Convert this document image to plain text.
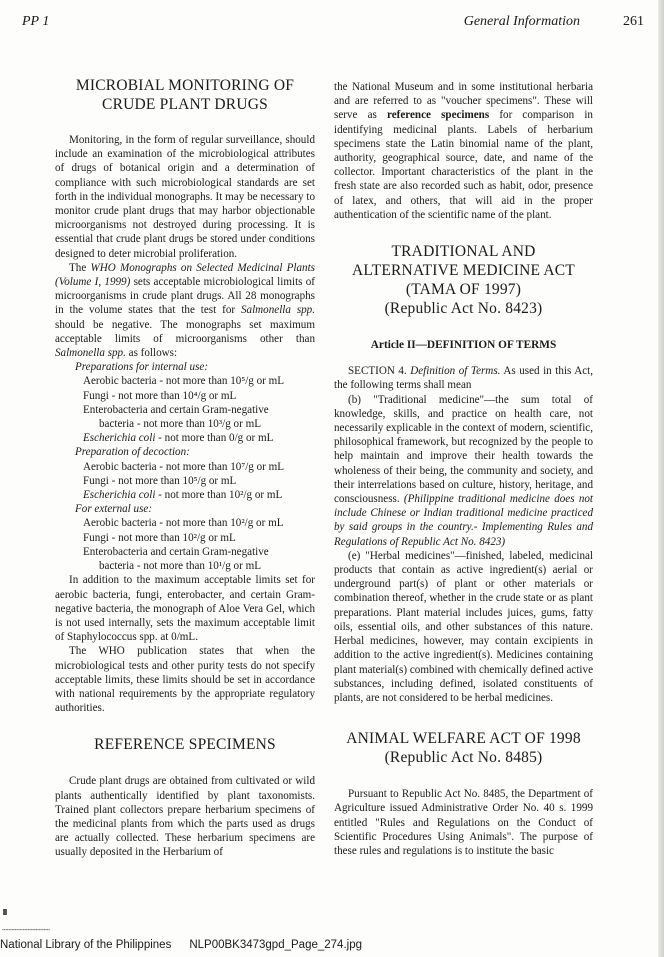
PP 1	General Information	261
MICROBIAL MONITORING OF
CRUDE PLANT DRUGS

Monitoring, in the form of regular surveillance, should include an examination of the microbiological attributes of drugs of botanical origin and a determination of compliance with such microbiological standards are set forth in the individual monographs. It may be necessary to monitor crude plant drugs that may harbor objectionable microorganisms not destroyed during processing. It is essential that crude plant drugs be stored under conditions designed to deter microbial proliferation.

The WHO Monographs on Selected Medicinal Plants (Volume I, 1999) sets acceptable microbiological limits of microorganisms in crude plant drugs. All 28 monographs in the volume states that the test for Salmonella spp. should be negative. The monographs set maximum acceptable limits of microorganisms other than Salmonella spp. as follows:

Preparations for internal use:
Aerobic bacteria - not more than 10⁵/g or mL
Fungi - not more than 10⁴/g or mL
Enterobacteria and certain Gram-negative
bacteria - not more than 10³/g or mL
Escherichia coli - not more than 0/g or mL
Preparation of decoction:
Aerobic bacteria - not more than 10⁷/g or mL
Fungi - not more than 10⁵/g or mL
Escherichia coli - not more than 10²/g or mL
For external use:
Aerobic bacteria - not more than 10²/g or mL
Fungi - not more than 10²/g or mL
Enterobacteria and certain Gram-negative
bacteria - not more than 10¹/g or mL

In addition to the maximum acceptable limits set for aerobic bacteria, fungi, enterobacter, and certain Gram-negative bacteria, the monograph of Aloe Vera Gel, which is not used internally, sets the maximum acceptable limit of Staphylococcus spp. at 0/mL.

The WHO publication states that when the microbiological tests and other purity tests do not specify acceptable limits, these limits should be set in accordance with national requirements by the appropriate regulatory authorities.

REFERENCE SPECIMENS

Crude plant drugs are obtained from cultivated or wild plants authentically identified by plant taxonomists. Trained plant collectors prepare herbarium specimens of the medicinal plants from which the parts used as drugs are actually collected. These herbarium specimens are usually deposited in the Herbarium of

the National Museum and in some institutional herbaria and are referred to as "voucher specimens". These will serve as reference specimens for comparison in identifying medicinal plants. Labels of herbarium specimens state the Latin binomial name of the plant, authority, geographical source, date, and name of the collector. Important characteristics of the plant in the fresh state are also recorded such as habit, odor, presence of latex, and others, that will aid in the proper authentication of the scientific name of the plant.

TRADITIONAL AND
ALTERNATIVE MEDICINE ACT
(TAMA OF 1997)
(Republic Act No. 8423)
Article II—DEFINITION OF TERMS

SECTION 4. Definition of Terms. As used in this Act, the following terms shall mean

(b) "Traditional medicine"—the sum total of knowledge, skills, and practice on health care, not necessarily explicable in the context of modern, scientific, philosophical framework, but recognized by the people to help maintain and improve their health towards the wholeness of their being, the community and society, and their interrelations based on culture, history, heritage, and consciousness. (Philippine traditional medicine does not include Chinese or Indian traditional medicine practiced by said groups in the country.- Implementing Rules and Regulations of Republic Act No. 8423)

(e) "Herbal medicines"—finished, labeled, medicinal products that contain as active ingredient(s) aerial or underground part(s) of plant or other materials or combination thereof, whether in the crude state or as plant preparations. Plant material includes juices, gums, fatty oils, essential oils, and other substances of this nature. Herbal medicines, however, may contain excipients in addition to the active ingredient(s). Medicines containing plant material(s) combined with chemically defined active substances, including defined, isolated constituents of plants, are not considered to be herbal medicines.

ANIMAL WELFARE ACT OF 1998
(Republic Act No. 8485)

Pursuant to Republic Act No. 8485, the Department of Agriculture issued Administrative Order No. 40 s. 1999 entitled "Rules and Regulations on the Conduct of Scientific Procedures Using Animals". The purpose of these rules and regulations is to institute the basic

▪▪▪▪▪▪▪▪▪▪▪▪▪▪▪▪▪▪▪▪▪▪▪▪▪▪▪▪▪▪
National Library of the Philippines NLP00BK3473gpd_Page_274.jpg
